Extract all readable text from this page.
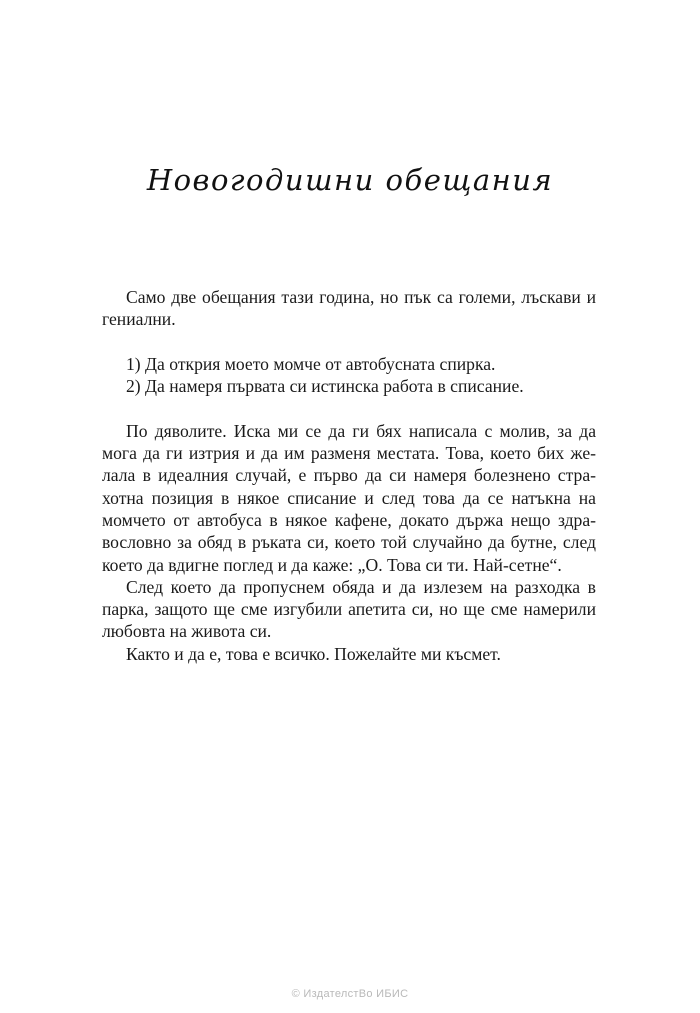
Новогодишни обещания

Само две обещания тази година, но пък са големи, лъскави и гениални.

1) Да открия моето момче от автобусната спирка.

2) Да намеря първата си истинска работа в списание.

По дяволите. Иска ми се да ги бях написала с молив, за да мога да ги изтрия и да им разменя местата. Това, което бих желала в идеалния случай, е първо да си намеря болезнено страхотна позиция в някое списание и след това да се натъкна на момчето от автобуса в някое кафене, докато държа нещо здравословно за обяд в ръката си, което той случайно да бутне, след което да вдигне поглед и да каже: „О. Това си ти. Най-сетне“.

След което да пропуснем обяда и да излезем на разходка в парка, защото ще сме изгубили апетита си, но ще сме намерили любовта на живота си.

Както и да е, това е всичко. Пожелайте ми късмет.

© ИздателстВо ИБИС
